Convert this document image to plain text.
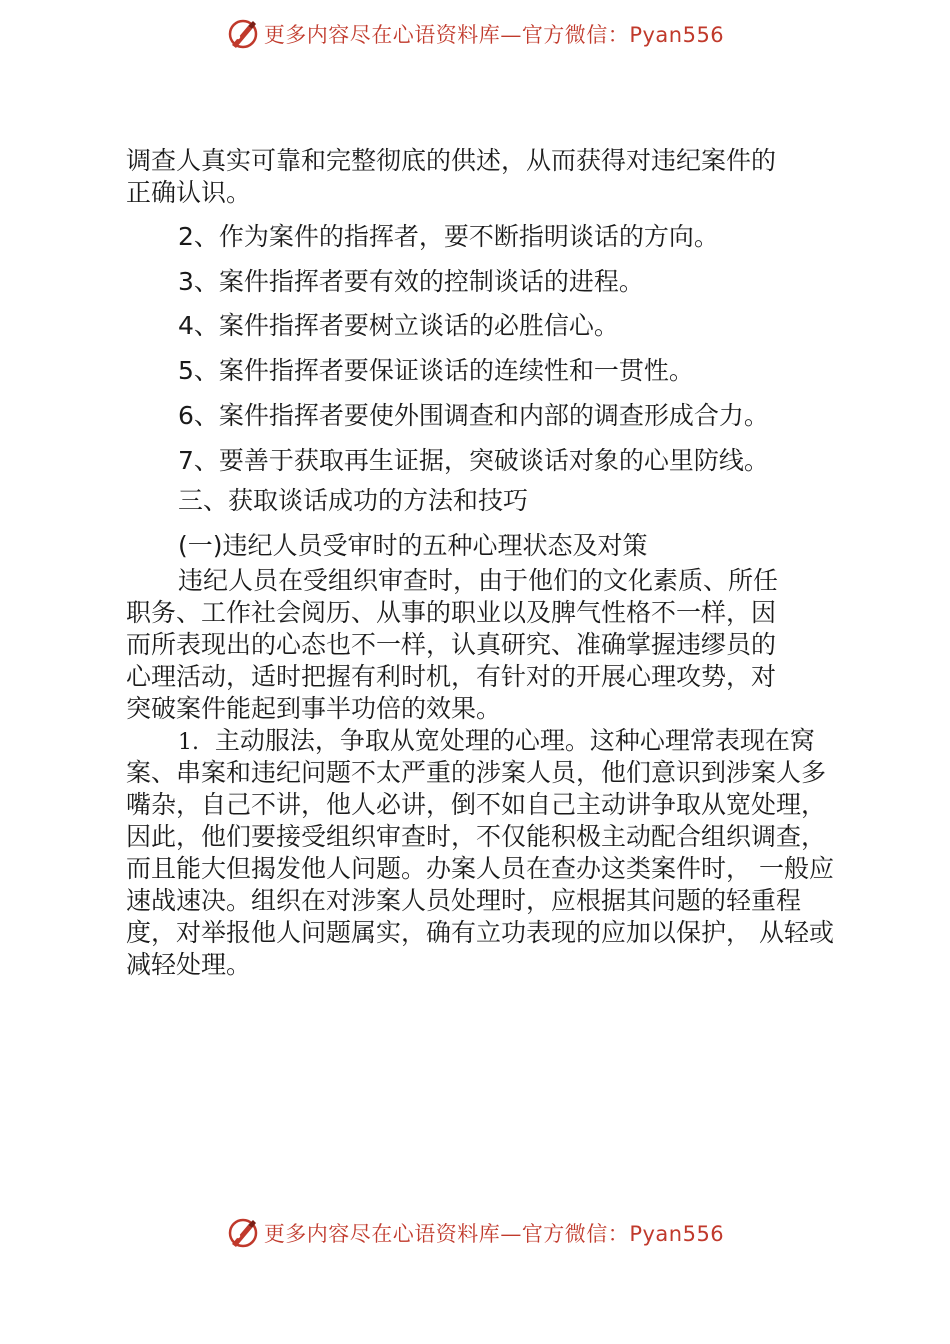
更多内容尽在心语资料库—官方微信：Pyan556
调查人真实可靠和完整彻底的供述，从而获得对违纪案件的
正确认识。
2、作为案件的指挥者，要不断指明谈话的方向。
3、案件指挥者要有效的控制谈话的进程。
4、案件指挥者要树立谈话的必胜信心。
5、案件指挥者要保证谈话的连续性和一贯性。
6、案件指挥者要使外围调查和内部的调查形成合力。
7、要善于获取再生证据，突破谈话对象的心里防线。
三、获取谈话成功的方法和技巧
(一)违纪人员受审时的五种心理状态及对策
违纪人员在受组织审查时，由于他们的文化素质、所任
职务、工作社会阅历、从事的职业以及脾气性格不一样，因
而所表现出的心态也不一样，认真研究、准确掌握违缪员的
心理活动，适时把握有利时机，有针对的开展心理攻势，对
突破案件能起到事半功倍的效果。
1. 主动服法，争取从宽处理的心理。这种心理常表现在窝
案、串案和违纪问题不太严重的涉案人员，他们意识到涉案人多
嘴杂，自己不讲，他人必讲，倒不如自己主动讲争取从宽处理，
因此，他们要接受组织审查时，不仅能积极主动配合组织调查，
而且能大但揭发他人问题。办案人员在查办这类案件时， 一般应
速战速决。组织在对涉案人员处理时，应根据其问题的轻重程
度，对举报他人问题属实，确有立功表现的应加以保护， 从轻或
减轻处理。
更多内容尽在心语资料库—官方微信：Pyan556
